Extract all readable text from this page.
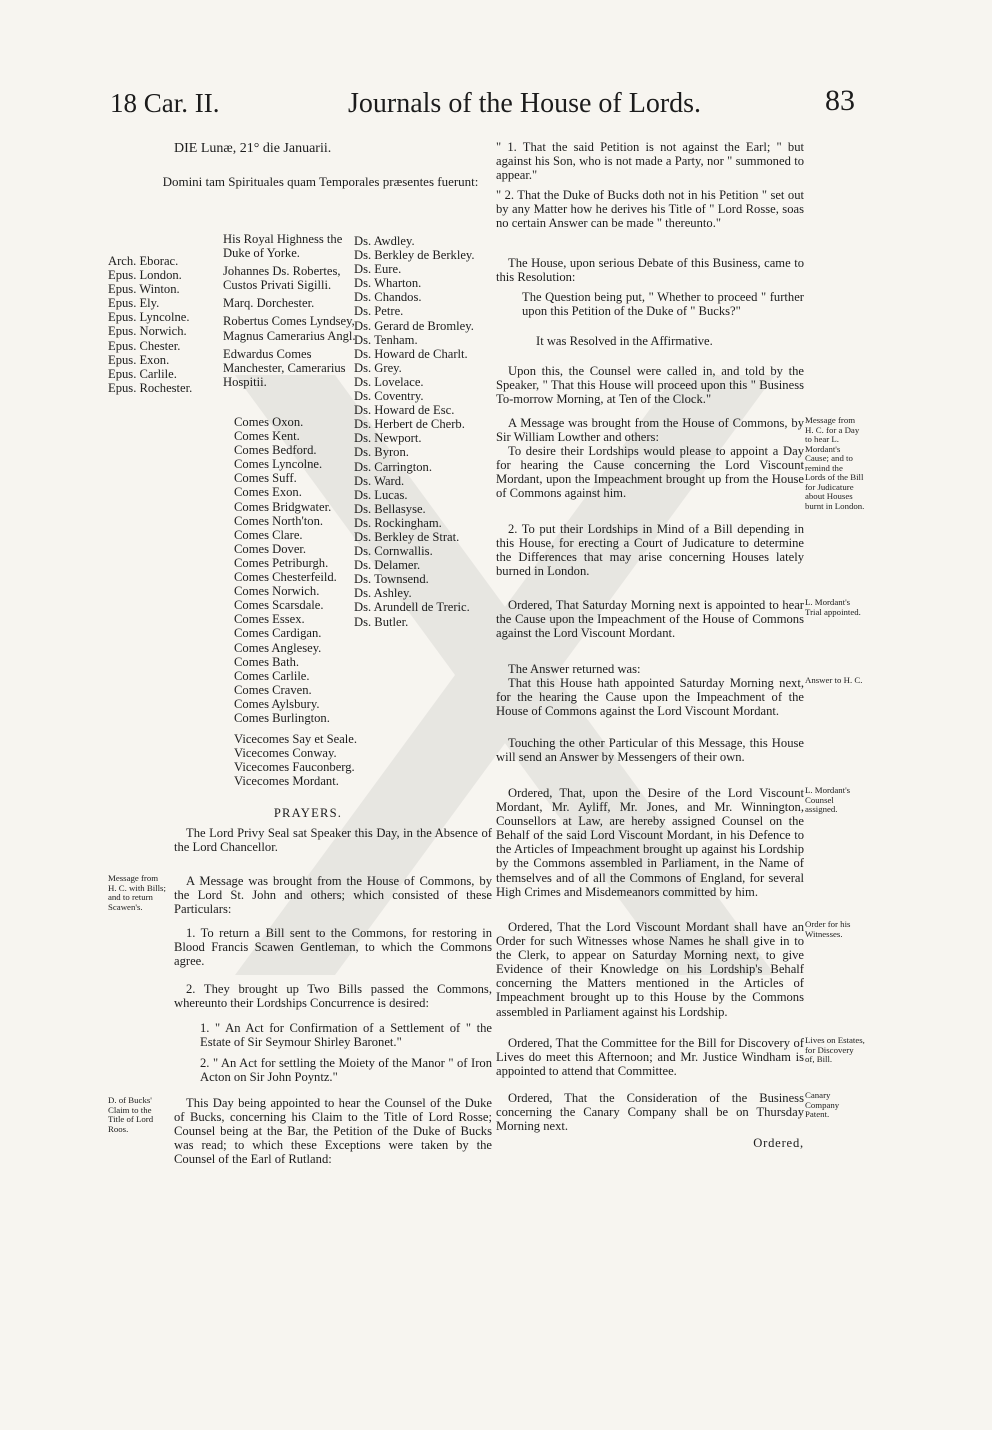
18 Car. II.	Journals of the House of Lords.	83

DIE Lunæ, 21° die Januarii.

Domini tam Spirituales quam Temporales præsentes fuerunt:

Arch. Eborac.
Epus. London.
Epus. Winton.
Epus. Ely.
Epus. Lyncolne.
Epus. Norwich.
Epus. Chester.
Epus. Exon.
Epus. Carlile.
Epus. Rochester.
His Royal Highness the Duke of Yorke.
Johannes Ds. Robertes, Custos Privati Sigilli.
Marq. Dorchester.
Robertus Comes Lyndsey, Magnus Camerarius Angl.
Edwardus Comes Manchester, Camerarius Hospitii.
Comes Oxon.
Comes Kent.
Comes Bedford.
Comes Lyncolne.
Comes Suff.
Comes Exon.
Comes Bridgwater.
Comes North'ton.
Comes Clare.
Comes Dover.
Comes Petriburgh.
Comes Chesterfeild.
Comes Norwich.
Comes Scarsdale.
Comes Essex.
Comes Cardigan.
Comes Anglesey.
Comes Bath.
Comes Carlile.
Comes Craven.
Comes Aylsbury.
Comes Burlington.
Vicecomes Say et Seale.
Vicecomes Conway.
Vicecomes Fauconberg.
Vicecomes Mordant.
Ds. Awdley.
Ds. Berkley de Berkley.
Ds. Eure.
Ds. Wharton.
Ds. Chandos.
Ds. Petre.
Ds. Gerard de Bromley.
Ds. Tenham.
Ds. Howard de Charlt.
Ds. Grey.
Ds. Lovelace.
Ds. Coventry.
Ds. Howard de Esc.
Ds. Herbert de Cherb.
Ds. Newport.
Ds. Byron.
Ds. Carrington.
Ds. Ward.
Ds. Lucas.
Ds. Bellasyse.
Ds. Rockingham.
Ds. Berkley de Strat.
Ds. Cornwallis.
Ds. Delamer.
Ds. Townsend.
Ds. Ashley.
Ds. Arundell de Treric.
Ds. Butler.

PRAYERS.

The Lord Privy Seal sat Speaker this Day, in the Absence of the Lord Chancellor.

A Message was brought from the House of Commons, by the Lord St. John and others; which consisted of these Particulars:

1. To return a Bill sent to the Commons, for restoring in Blood Francis Scawen Gentleman, to which the Commons agree.

2. They brought up Two Bills passed the Commons, whereunto their Lordships Concurrence is desired:

1. " An Act for Confirmation of a Settlement of " the Estate of Sir Seymour Shirley Baronet."

2. " An Act for settling the Moiety of the Manor " of Iron Acton on Sir John Poyntz."

This Day being appointed to hear the Counsel of the Duke of Bucks, concerning his Claim to the Title of Lord Rosse; Counsel being at the Bar, the Petition of the Duke of Bucks was read; to which these Exceptions were taken by the Counsel of the Earl of Rutland:

Message from H. C. with Bills; and to return Scawen's.

D. of Bucks' Claim to the Title of Lord Roos.

" 1. That the said Petition is not against the Earl; " but against his Son, who is not made a Party, nor " summoned to appear."

" 2. That the Duke of Bucks doth not in his Petition " set out by any Matter how he derives his Title of " Lord Rosse, soas no certain Answer can be made " thereunto."

The House, upon serious Debate of this Business, came to this Resolution:

The Question being put, " Whether to proceed " further upon this Petition of the Duke of " Bucks?"

It was Resolved in the Affirmative.

Upon this, the Counsel were called in, and told by the Speaker, " That this House will proceed upon this " Business To-morrow Morning, at Ten of the Clock."

A Message was brought from the House of Commons, by Sir William Lowther and others:

To desire their Lordships would please to appoint a Day for hearing the Cause concerning the Lord Viscount Mordant, upon the Impeachment brought up from the House of Commons against him.

2. To put their Lordships in Mind of a Bill depending in this House, for erecting a Court of Judicature to determine the Differences that may arise concerning Houses lately burned in London.

Ordered, That Saturday Morning next is appointed to hear the Cause upon the Impeachment of the House of Commons against the Lord Viscount Mordant.

The Answer returned was:

That this House hath appointed Saturday Morning next, for the hearing the Cause upon the Impeachment of the House of Commons against the Lord Viscount Mordant.

Touching the other Particular of this Message, this House will send an Answer by Messengers of their own.

Ordered, That, upon the Desire of the Lord Viscount Mordant, Mr. Ayliff, Mr. Jones, and Mr. Winnington, Counsellors at Law, are hereby assigned Counsel on the Behalf of the said Lord Viscount Mordant, in his Defence to the Articles of Impeachment brought up against his Lordship by the Commons assembled in Parliament, in the Name of themselves and of all the Commons of England, for several High Crimes and Misdemeanors committed by him.

Ordered, That the Lord Viscount Mordant shall have an Order for such Witnesses whose Names he shall give in to the Clerk, to appear on Saturday Morning next, to give Evidence of their Knowledge on his Lordship's Behalf concerning the Matters mentioned in the Articles of Impeachment brought up to this House by the Commons assembled in Parliament against his Lordship.

Ordered, That the Committee for the Bill for Discovery of Lives do meet this Afternoon; and Mr. Justice Windham is appointed to attend that Committee.

Ordered, That the Consideration of the Business concerning the Canary Company shall be on Thursday Morning next.

Ordered,

Message from H. C. for a Day to hear L. Mordant's Cause; and to remind the Lords of the Bill for Judicature about Houses burnt in London.

L. Mordant's Trial appointed.

Answer to H. C.

L. Mordant's Counsel assigned.

Order for his Witnesses.

Lives on Estates, for Discovery of, Bill.

Canary Company Patent.
